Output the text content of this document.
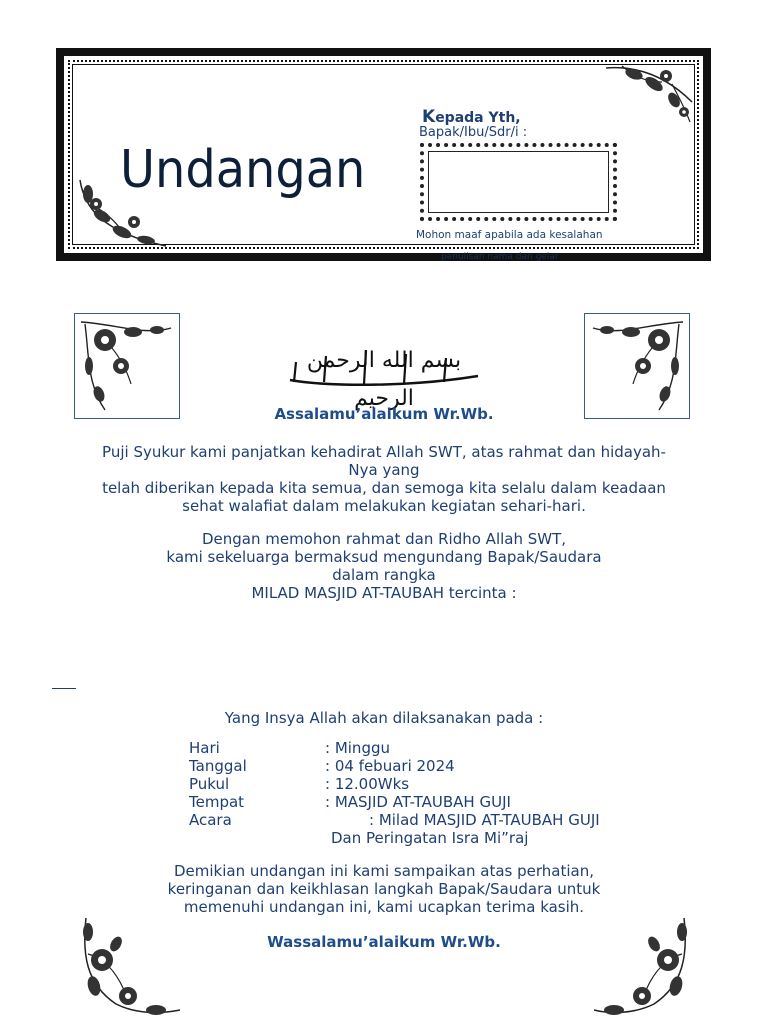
Undangan
Kepada Yth,
Bapak/Ibu/Sdr/i :
Mohon maaf apabila ada kesalahan
penulisan nama dan gelar
بسم الله الرحمن الرحيم
Assalamu’alaikum Wr.Wb.
Puji Syukur kami panjatkan kehadirat Allah SWT, atas rahmat dan hidayah-
Nya yang
telah diberikan kepada kita semua, dan semoga kita selalu dalam keadaan
sehat walafiat dalam melakukan kegiatan sehari-hari.
Dengan memohon rahmat dan Ridho Allah SWT,
kami sekeluarga bermaksud mengundang Bapak/Saudara
dalam rangka
MILAD MASJID AT-TAUBAH tercinta :
Yang Insya Allah akan dilaksanakan pada :
Hari	: Minggu
Tanggal	: 04 febuari 2024
Pukul	: 12.00Wks
Tempat	: MASJID AT-TAUBAH GUJI
Acara	: Milad MASJID AT-TAUBAH GUJI
Dan Peringatan Isra Mi”raj
Demikian undangan ini kami sampaikan atas perhatian,
keringanan dan keikhlasan langkah Bapak/Saudara untuk
memenuhi undangan ini, kami ucapkan terima kasih.
Wassalamu’alaikum Wr.Wb.
